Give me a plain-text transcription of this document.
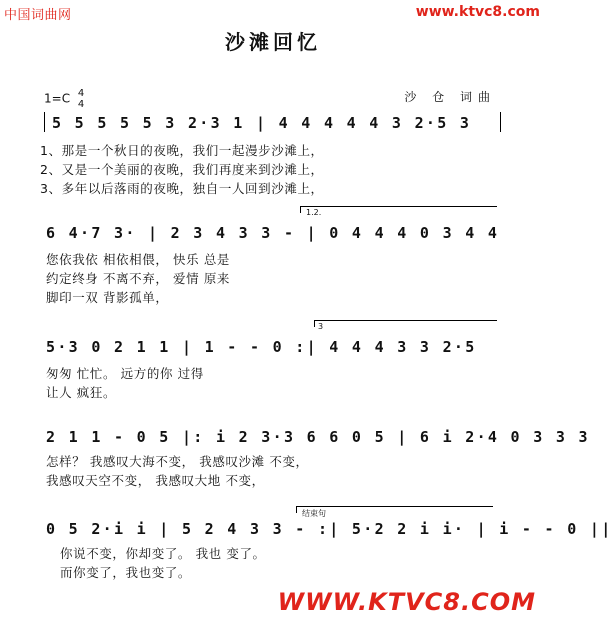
中国词曲网	www.ktvc8.com
沙滩回忆
1=C 4
4
沙 仓 词曲
5 5 5 5 5 3 2·3 1 | 4 4 4 4 4 3 2·5 3
1、那是一个秋日的夜晚，我们一起漫步沙滩上，
2、又是一个美丽的夜晚，我们再度来到沙滩上，
3、多年以后落雨的夜晚，独自一人回到沙滩上，
1.2.
6 4·7 3· | 2 3 4 3 3 - | 0 4 4 4 0 3 4 4
您依我依 相依相偎， 快乐 总是
约定终身 不离不弃， 爱情 原来
脚印一双 背影孤单，
3
5·3 0 2 1 1 | 1 - - 0 :| 4 4 4 3 3 2·5
匆匆 忙忙。 远方的你 过得
让人 疯狂。
2 1 1 - 0 5 |: i 2 3·3 6 6 0 5 | 6 i 2·4 0 3 3 3
怎样？ 我感叹大海不变， 我感叹沙滩 不变，
我感叹天空不变， 我感叹大地 不变，
结束句
0 5 2·i i | 5 2 4 3 3 - :| 5·2 2 i i· | i - - 0 ||
你说不变，你却变了。 我也 变了。
而你变了，我也变了。
WWW.KTVC8.COM
